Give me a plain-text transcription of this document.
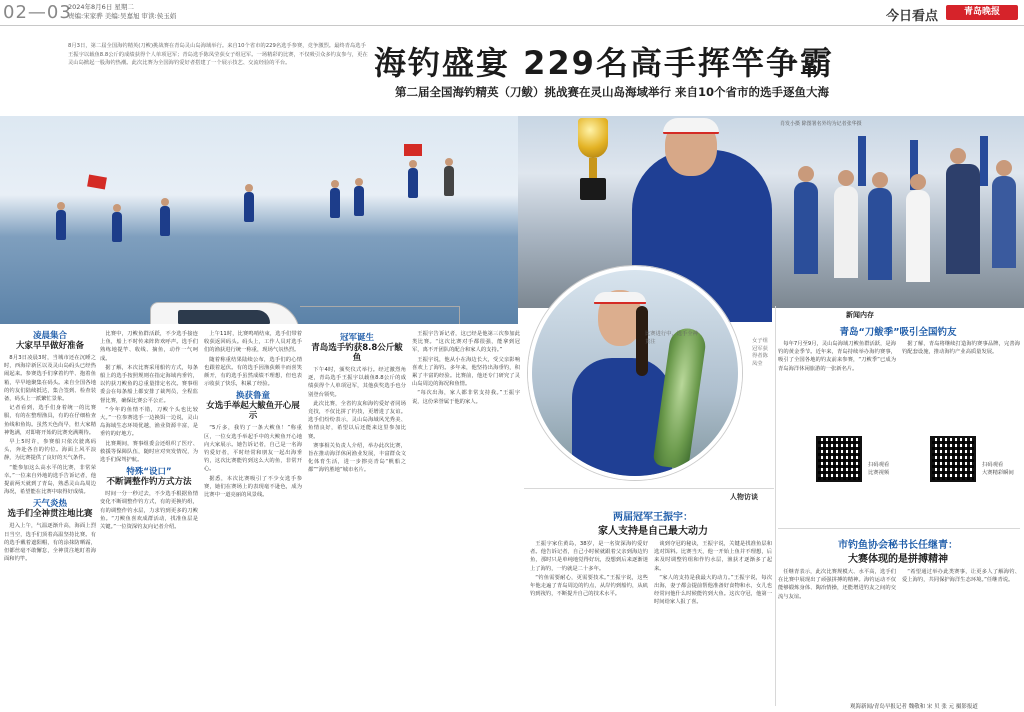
02—03
2024年8月6日 星期二
责编:宋家骅 美编:吴嘉旭 审读:侯玉娟	今日看点	青岛晚报
8月3日，第二届全国海钓精英(刀鲅)挑战赛在青岛灵山岛海域举行。来自10个省市的229名选手参赛，竞争激烈。最终青岛选手王振宇以载鱼8.8公斤的成绩获得个人单项冠军；青岛选手陈凤莹获女子组冠军。一场精彩的比赛，不仅吸引众多钓友参与，更在灵山岛掀起一股海钓热潮。此次比赛为全国海钓爱好者搭建了一个展示技艺、交流经验的平台。	海钓盛宴 229名高手挥竿争霸
第二届全国海钓精英（刀鲅）挑战赛在灵山岛海域举行 来自10个省市的选手逐鱼大海
肖发小摄 除图署名外均为记者张华摄
比赛进行中，选手全神贯注	女子组冠军获得者陈凤莹
凌晨集合
大家早早做好准备

8月3日凌晨3时，当城市还在沉睡之时，西海岸新区以及灵山岛码头已经热闹起来。参赛选手们拿着钓竿、抱着鱼箱，早早地聚集在码头。来自全国各地的钓友们陆续抵达，集合签到、检查装备，码头上一派繁忙景象。

记者看到，选手们身着统一的比赛服，有的在整理渔具，有的在仔细检查鱼线和鱼钩。虽然天色尚早，但大家精神饱满，对即将开始的比赛充满期待。

早上5时许，参赛船只依次驶离码头，奔赴各自的钓位。海面上风平浪静，为比赛提供了良好的天气条件。

“能参加这么高水平的比赛，非常荣幸。”一位来自外地的选手告诉记者，他提前两天就到了青岛，熟悉灵山岛周边海况，希望能在比赛中取得好成绩。

天气炎热
选手们全神贯注地比赛

进入上午，气温逐渐升高，海面上烈日当空，选手们顶着高温坚持比赛。有的选手戴着遮阳帽，有的涂抹防晒霜，但都丝毫不敢懈怠，全神贯注地盯着海面和钓竿。

比赛中，刀鲅鱼群活跃，不少选手接连上鱼，船上不时传来阵阵欢呼声。选手们熟练地提竿、收线、摘鱼，动作一气呵成。

据了解，本次比赛采用船钓方式，每条船上的选手按照规则在指定海域内垂钓，以钓获刀鲅鱼的总重量排定名次。赛事组委会在每条船上都安排了裁判员，全程监督比赛，确保比赛公平公正。

“今年的鱼情不错，刀鲅个头也比较大。”一位参赛选手一边换饵一边说，灵山岛海域生态环境优越，渔业资源丰富，是垂钓的好地方。

比赛期间，赛事组委会还组织了医疗、救援等保障队伍，随时应对突发情况，为选手们保驾护航。

特殊“设口”
不断调整作钓方式方法

时间一分一秒过去，不少选手根据鱼情变化不断调整作钓方式，有的更换钓组，有的调整作钓水层，力求钓到更多的刀鲅鱼。“刀鲅鱼喜欢成群活动，找准鱼层是关键。”一位资深钓友向记者介绍。

上午11时，比赛鸣哨结束，选手们带着收获返回码头。码头上，工作人员对选手们的渔获进行统一称重，现场气氛热烈。

随着称重结果陆续公布，选手们的心情也跟着起伏。有的选手因渔获颇丰而喜笑颜开，有的选手虽然成绩不理想，但也表示收获了快乐，积累了经验。

换获鲁童
女选手举起大鲅鱼开心展示

“5斤多，我钓了一条大鲅鱼！”称重区，一位女选手举起手中的大鲅鱼开心地向大家展示。她告诉记者，自己是一名海钓爱好者，平时经常和朋友一起出海垂钓，这次比赛能钓到这么大的鱼，非常开心。

据悉，本次比赛吸引了不少女选手参赛，她们在赛场上的表现毫不逊色，成为比赛中一道亮丽的风景线。

冠军诞生
青岛选手钓获8.8公斤鲅鱼

下午4时，颁奖仪式举行。经过激烈角逐，青岛选手王振宇以载鱼8.8公斤的成绩获得个人单项冠军，其他获奖选手也分别登台领奖。

此次比赛，全省钓友和海钓爱好者同场竞技，不仅比拼了钓技，更增进了友谊。选手们纷纷表示，灵山岛海域风光秀美、鱼情良好，希望以后还能来这里参加比赛。

赛事相关负责人介绍，举办此次比赛，旨在推动海洋休闲渔业发展，丰富群众文化体育生活，进一步擦亮青岛“帆船之都”“海钓胜地”城市名片。

王振宇告诉记者，这已经是他第三次参加此类比赛。“这次比赛对手都很强，能拿到冠军，离不开团队的配合和家人的支持。”

王振宇说，他从小在海边长大，受父亲影响喜欢上了海钓。多年来，他坚持出海垂钓，积累了丰富的经验。比赛前，他还专门研究了灵山岛周边的海况和鱼情。

“每次出海，家人都非常支持我。”王振宇说，这份荣誉属于他的家人。

人物访谈
两届冠军王振宇：
家人支持是自己最大动力

王振宇家住黄岛，38岁，是一名资深海钓爱好者。他告诉记者，自己小时候就跟着父亲到海边钓鱼，那时只是单纯地觉得好玩，没想到后来逐渐迷上了海钓，一钓就是二十多年。

“钓鱼需要耐心，更需要技术。”王振宇说，这些年他走遍了青岛周边的钓点，从岸钓到船钓，从矶钓到筏钓，不断提升自己的技术水平。

谈到夺冠的秘诀，王振宇说，关键是找准鱼层和选对饵料。比赛当天，他一开始上鱼并不理想，后来及时调整钓组和作钓水层，渔获才逐渐多了起来。

“家人的支持是我最大的动力。”王振宇说，每次出海，妻子都会提前帮他准备好食物和水，女儿也经常问他什么时候能钓到大鱼。这次夺冠，他第一时间给家人报了喜。

新闻内存
青岛“刀鲅季”吸引全国钓友

每年7月至9月，灵山岛海域刀鲅鱼群活跃，是海钓的黄金季节。近年来，青岛持续举办海钓赛事，吸引了全国各地的钓友前来参赛，“刀鲅季”已成为青岛海洋休闲旅游的一张新名片。

据了解，青岛将继续打造海钓赛事品牌，完善海钓配套设施，推动海钓产业高质量发展。

扫码观看
比赛视频
扫码观看
大赛精彩瞬间
市钓鱼协会秘书长任继青：
大赛体现的是拼搏精神

任继青表示，此次比赛规模大、水平高，选手们在比赛中展现出了顽强拼搏的精神。海钓运动不仅能够锻炼身体、陶冶情操，还能增进钓友之间的交流与友谊。

“希望通过举办此类赛事，让更多人了解海钓、爱上海钓，共同保护海洋生态环境。”任继青说。

观海新闻/青岛早报记者 魏敬和 宋 贝 张 元 摄影报道
